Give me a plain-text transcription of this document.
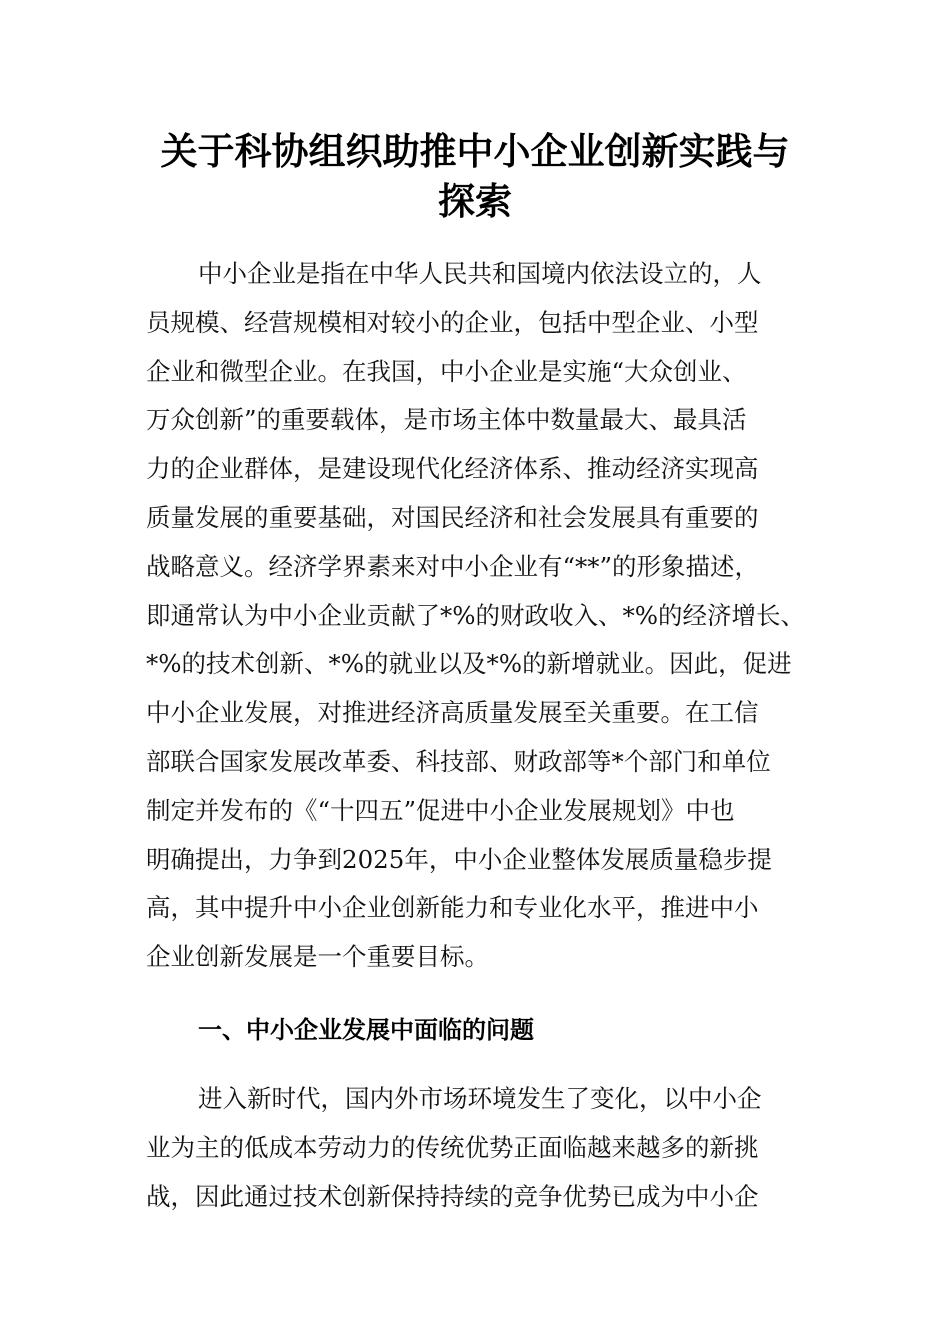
关于科协组织助推中小企业创新实践与
探索
中小企业是指在中华人民共和国境内依法设立的，人
员规模、经营规模相对较小的企业，包括中型企业、小型
企业和微型企业。在我国，中小企业是实施“大众创业、
万众创新”的重要载体，是市场主体中数量最大、最具活
力的企业群体，是建设现代化经济体系、推动经济实现高
质量发展的重要基础，对国民经济和社会发展具有重要的
战略意义。经济学界素来对中小企业有“**”的形象描述，
即通常认为中小企业贡献了*%的财政收入、*%的经济增长、
*%的技术创新、*%的就业以及*%的新增就业。因此，促进
中小企业发展，对推进经济高质量发展至关重要。在工信
部联合国家发展改革委、科技部、财政部等*个部门和单位
制定并发布的《“十四五”促进中小企业发展规划》中也
明确提出，力争到2025年，中小企业整体发展质量稳步提
高，其中提升中小企业创新能力和专业化水平，推进中小
企业创新发展是一个重要目标。
一、中小企业发展中面临的问题
进入新时代，国内外市场环境发生了变化，以中小企
业为主的低成本劳动力的传统优势正面临越来越多的新挑
战，因此通过技术创新保持持续的竞争优势已成为中小企
